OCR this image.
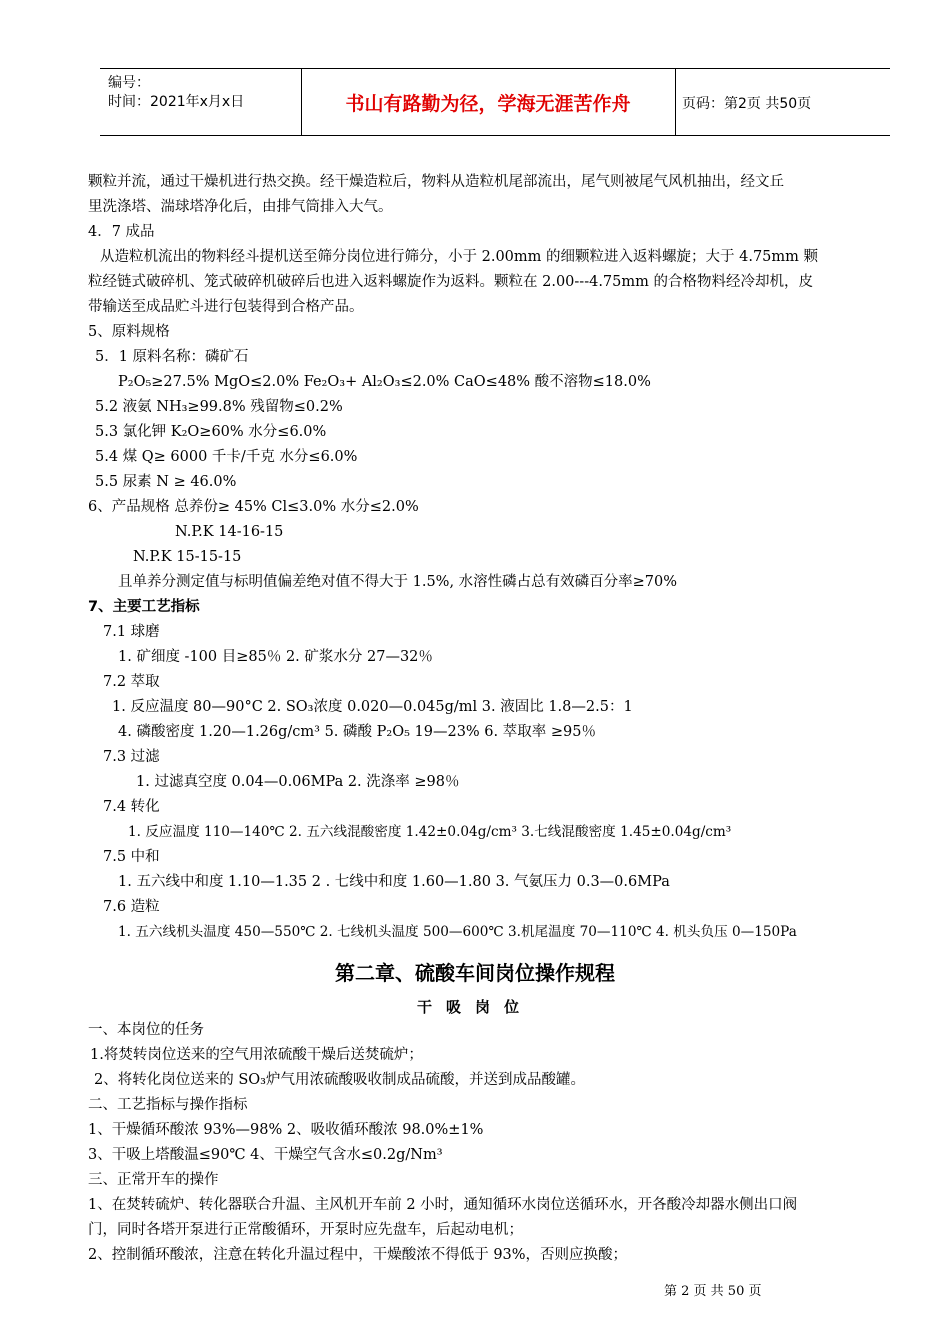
编号：
时间：2021年x月x日	书山有路勤为径，学海无涯苦作舟	页码：第2页 共50页
颗粒并流，通过干燥机进行热交换。经干燥造粒后，物料从造粒机尾部流出，尾气则被尾气风机抽出，经文丘
里洗涤塔、湍球塔净化后，由排气筒排入大气。
4．7 成品
从造粒机流出的物料经斗提机送至筛分岗位进行筛分，小于 2.00mm 的细颗粒进入返料螺旋；大于 4.75mm 颗
粒经链式破碎机、笼式破碎机破碎后也进入返料螺旋作为返料。颗粒在 2.00---4.75mm 的合格物料经冷却机，皮
带输送至成品贮斗进行包装得到合格产品。
5、原料规格
5．1 原料名称：磷矿石
P₂O₅≥27.5% MgO≤2.0% Fe₂O₃+ Al₂O₃≤2.0% CaO≤48% 酸不溶物≤18.0%
5.2 液氨 NH₃≥99.8% 残留物≤0.2%
5.3 氯化钾 K₂O≥60% 水分≤6.0%
5.4 煤 Q≥ 6000 千卡/千克 水分≤6.0%
5.5 尿素 N ≥ 46.0%
6、产品规格 总养份≥ 45% Cl≤3.0% 水分≤2.0%
N.P.K 14-16-15
N.P.K 15-15-15
且单养分测定值与标明值偏差绝对值不得大于 1.5%, 水溶性磷占总有效磷百分率≥70%
7、主要工艺指标
7.1 球磨
1. 矿细度 -100 目≥85％ 2. 矿浆水分 27—32％
7.2 萃取
1. 反应温度 80—90°C 2. SO₃浓度 0.020—0.045g/ml 3. 液固比 1.8—2.5：1
4. 磷酸密度 1.20—1.26g/cm³ 5. 磷酸 P₂O₅ 19—23% 6. 萃取率 ≥95％
7.3 过滤
1. 过滤真空度 0.04—0.06MPa 2. 洗涤率 ≥98％
7.4 转化
1. 反应温度 110—140℃ 2. 五六线混酸密度 1.42±0.04g/cm³ 3.七线混酸密度 1.45±0.04g/cm³
7.5 中和
1. 五六线中和度 1.10—1.35 2 . 七线中和度 1.60—1.80 3. 气氨压力 0.3—0.6MPa
7.6 造粒
1. 五六线机头温度 450—550℃ 2. 七线机头温度 500—600℃ 3.机尾温度 70—110℃ 4. 机头负压 0—150Pa
第二章、硫酸车间岗位操作规程
干吸岗位
一、本岗位的任务
1.将焚转岗位送来的空气用浓硫酸干燥后送焚硫炉；
2、将转化岗位送来的 SO₃炉气用浓硫酸吸收制成品硫酸，并送到成品酸罐。
二、工艺指标与操作指标
1、干燥循环酸浓 93%—98% 2、吸收循环酸浓 98.0%±1%
3、干吸上塔酸温≤90℃ 4、干燥空气含水≤0.2g/Nm³
三、正常开车的操作
1、在焚转硫炉、转化器联合升温、主风机开车前 2 小时，通知循环水岗位送循环水，开各酸冷却器水侧出口阀
门，同时各塔开泵进行正常酸循环，开泵时应先盘车，后起动电机；
2、控制循环酸浓，注意在转化升温过程中，干燥酸浓不得低于 93%，否则应换酸；
第 2 页 共 50 页
